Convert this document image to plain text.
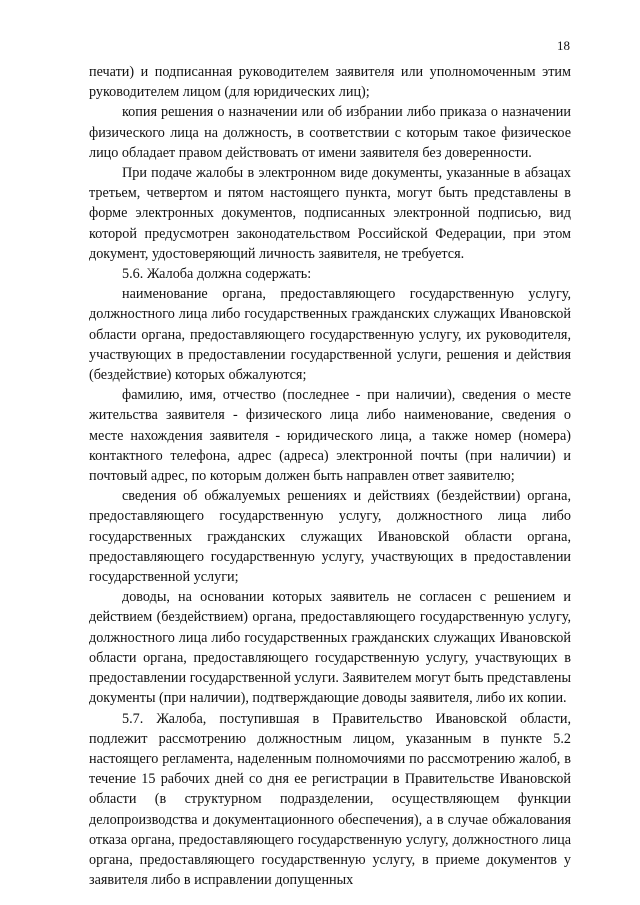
18

печати) и подписанная руководителем заявителя или уполномоченным этим руководителем лицом (для юридических лиц);

копия решения о назначении или об избрании либо приказа о назначении физического лица на должность, в соответствии с которым такое физическое лицо обладает правом действовать от имени заявителя без доверенности.

При подаче жалобы в электронном виде документы, указанные в абзацах третьем, четвертом и пятом настоящего пункта, могут быть представлены в форме электронных документов, подписанных электронной подписью, вид которой предусмотрен законодательством Российской Федерации, при этом документ, удостоверяющий личность заявителя, не требуется.

5.6. Жалоба должна содержать:

наименование органа, предоставляющего государственную услугу, должностного лица либо государственных гражданских служащих Ивановской области органа, предоставляющего государственную услугу, их руководителя, участвующих в предоставлении государственной услуги, решения и действия (бездействие) которых обжалуются;

фамилию, имя, отчество (последнее - при наличии), сведения о месте жительства заявителя - физического лица либо наименование, сведения о месте нахождения заявителя - юридического лица, а также номер (номера) контактного телефона, адрес (адреса) электронной почты (при наличии) и почтовый адрес, по которым должен быть направлен ответ заявителю;

сведения об обжалуемых решениях и действиях (бездействии) органа, предоставляющего государственную услугу, должностного лица либо государственных гражданских служащих Ивановской области органа, предоставляющего государственную услугу, участвующих в предоставлении государственной услуги;

доводы, на основании которых заявитель не согласен с решением и действием (бездействием) органа, предоставляющего государственную услугу, должностного лица либо государственных гражданских служащих Ивановской области органа, предоставляющего государственную услугу, участвующих в предоставлении государственной услуги. Заявителем могут быть представлены документы (при наличии), подтверждающие доводы заявителя, либо их копии.

5.7. Жалоба, поступившая в Правительство Ивановской области, подлежит рассмотрению должностным лицом, указанным в пункте 5.2 настоящего регламента, наделенным полномочиями по рассмотрению жалоб, в течение 15 рабочих дней со дня ее регистрации в Правительстве Ивановской области (в структурном подразделении, осуществляющем функции делопроизводства и документационного обеспечения), а в случае обжалования отказа органа, предоставляющего государственную услугу, должностного лица органа, предоставляющего государственную услугу, в приеме документов у заявителя либо в исправлении допущенных
